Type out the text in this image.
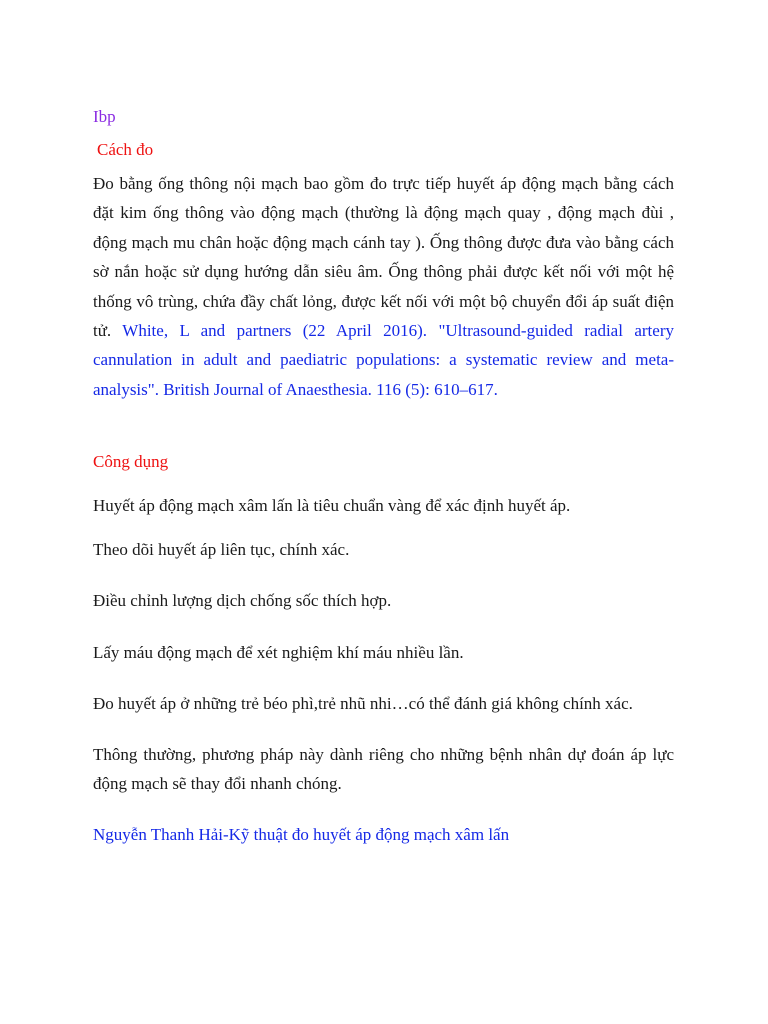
Ibp
Cách đo

Đo bằng ống thông nội mạch bao gồm đo trực tiếp huyết áp động mạch bằng cách đặt kim ống thông vào động mạch (thường là động mạch quay , động mạch đùi , động mạch mu chân hoặc động mạch cánh tay ). Ống thông được đưa vào bằng cách sờ nắn hoặc sử dụng hướng dẫn siêu âm. Ống thông phải được kết nối với một hệ thống vô trùng, chứa đầy chất lỏng, được kết nối với một bộ chuyển đổi áp suất điện tử. White, L and partners (22 April 2016). "Ultrasound-guided radial artery cannulation in adult and paediatric populations: a systematic review and meta-analysis". British Journal of Anaesthesia. 116 (5): 610–617.

Công dụng
Huyết áp động mạch xâm lấn là tiêu chuẩn vàng để xác định huyết áp.
Theo dõi huyết áp liên tục, chính xác.
Điều chỉnh lượng dịch chống sốc thích hợp.
Lấy máu động mạch để xét nghiệm khí máu nhiều lần.
Đo huyết áp ở những trẻ béo phì,trẻ nhũ nhi…có thể đánh giá không chính xác.
Thông thường, phương pháp này dành riêng cho những bệnh nhân dự đoán áp lực động mạch sẽ thay đổi nhanh chóng.
Nguyễn Thanh Hải-Kỹ thuật đo huyết áp động mạch xâm lấn
